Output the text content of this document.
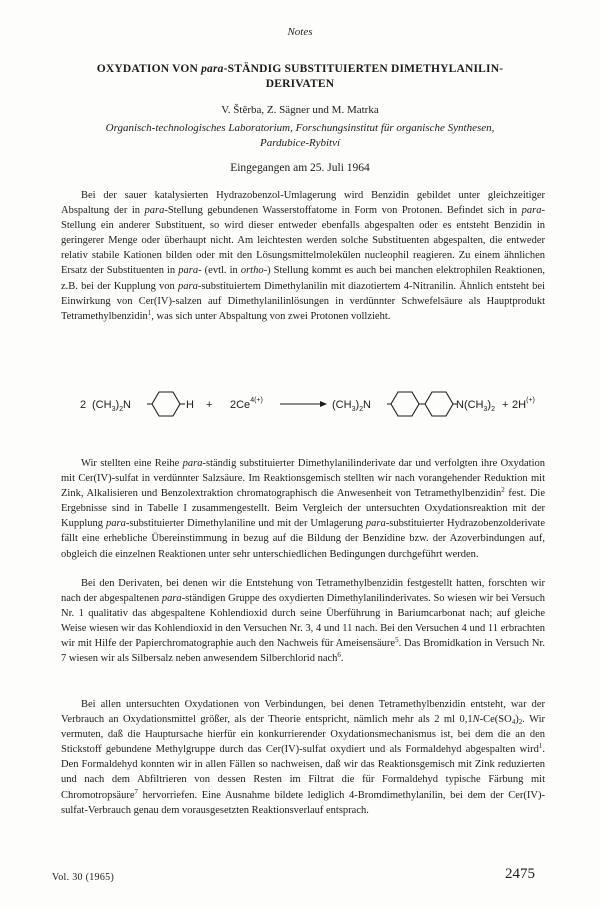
Notes
OXYDATION VON para-STÄNDIG SUBSTITUIERTEN DIMETHYLANILIN-
DERIVATEN
V. Štěrba, Z. Sägner und M. Matrka
Organisch-technologisches Laboratorium, Forschungsinstitut für organische Synthesen,
Pardubice-Rybitví
Eingegangen am 25. Juli 1964

Bei der sauer katalysierten Hydrazobenzol-Umlagerung wird Benzidin gebildet unter gleichzeitiger Abspaltung der in para-Stellung gebundenen Wasserstoffatome in Form von Protonen. Befindet sich in para-Stellung ein anderer Substituent, so wird dieser entweder ebenfalls abgespalten oder es entsteht Benzidin in geringerer Menge oder überhaupt nicht. Am leichtesten werden solche Substituenten abgespalten, die entweder relativ stabile Kationen bilden oder mit den Lösungsmittelmolekülen nucleophil reagieren. Zu einem ähnlichen Ersatz der Substituenten in para- (evtl. in ortho-) Stellung kommt es auch bei manchen elektrophilen Reaktionen, z.B. bei der Kupplung von para-substituiertem Dimethylanilin mit diazotiertem 4-Nitranilin. Ähnlich entsteht bei Einwirkung von Cer(IV)-salzen auf Dimethylanilinlösungen in verdünnter Schwefelsäure als Hauptprodukt Tetramethylbenzidin$^1$, was sich unter Abspaltung von zwei Protonen vollzieht.

2 $(CH_3)_2N$	$H + 2Ce^{4(+)}$	$(CH_3)_2N$	$N(CH_3)_2 + 2H^{(+)}$

Wir stellten eine Reihe para-ständig substituierter Dimethylanilinderivate dar und verfolgten ihre Oxydation mit Cer(IV)-sulfat in verdünnter Salzsäure. Im Reaktionsgemisch stellten wir nach vorangehender Reduktion mit Zink, Alkalisieren und Benzolextraktion chromatographisch die Anwesenheit von Tetramethylbenzidin$^2$ fest. Die Ergebnisse sind in Tabelle I zusammengestellt. Beim Vergleich der untersuchten Oxydationsreaktion mit der Kupplung para-substituierter Dimethylaniline und mit der Umlagerung para-substituierter Hydrazobenzolderivate fällt eine erhebliche Übereinstimmung in bezug auf die Bildung der Benzidine bzw. der Azoverbindungen auf, obgleich die einzelnen Reaktionen unter sehr unterschiedlichen Bedingungen durchgeführt werden.

Bei den Derivaten, bei denen wir die Entstehung von Tetramethylbenzidin festgestellt hatten, forschten wir nach der abgespaltenen para-ständigen Gruppe des oxydierten Dimethylanilinderivates. So wiesen wir bei Versuch Nr. 1 qualitativ das abgespaltene Kohlendioxid durch seine Überführung in Bariumcarbonat nach; auf gleiche Weise wiesen wir das Kohlendioxid in den Versuchen Nr. 3, 4 und 11 nach. Bei den Versuchen 4 und 11 erbrachten wir mit Hilfe der Papierchromatographie auch den Nachweis für Ameisensäure$^5$. Das Bromidkation in Versuch Nr. 7 wiesen wir als Silbersalz neben anwesendem Silberchlorid nach$^6$.

Bei allen untersuchten Oxydationen von Verbindungen, bei denen Tetramethylbenzidin entsteht, war der Verbrauch an Oxydationsmittel größer, als der Theorie entspricht, nämlich mehr als 2 ml $0,1N-Ce(SO_4)_2$. Wir vermuten, daß die Hauptursache hierfür ein konkurrierender Oxydationsmechanismus ist, bei dem die an den Stickstoff gebundene Methylgruppe durch das Cer(IV)-sulfat oxydiert und als Formaldehyd abgespalten wird$^1$. Den Formaldehyd konnten wir in allen Fällen so nachweisen, daß wir das Reaktionsgemisch mit Zink reduzierten und nach dem Abfiltrieren von dessen Resten im Filtrat die für Formaldehyd typische Färbung mit Chromotropsäure$^7$ hervorriefen. Eine Ausnahme bildete lediglich 4-Bromdimethylanilin, bei dem der Cer(IV)-sulfat-Verbrauch genau dem vorausgesetzten Reaktionsverlauf entsprach.

Vol. 30 (1965)	2475
